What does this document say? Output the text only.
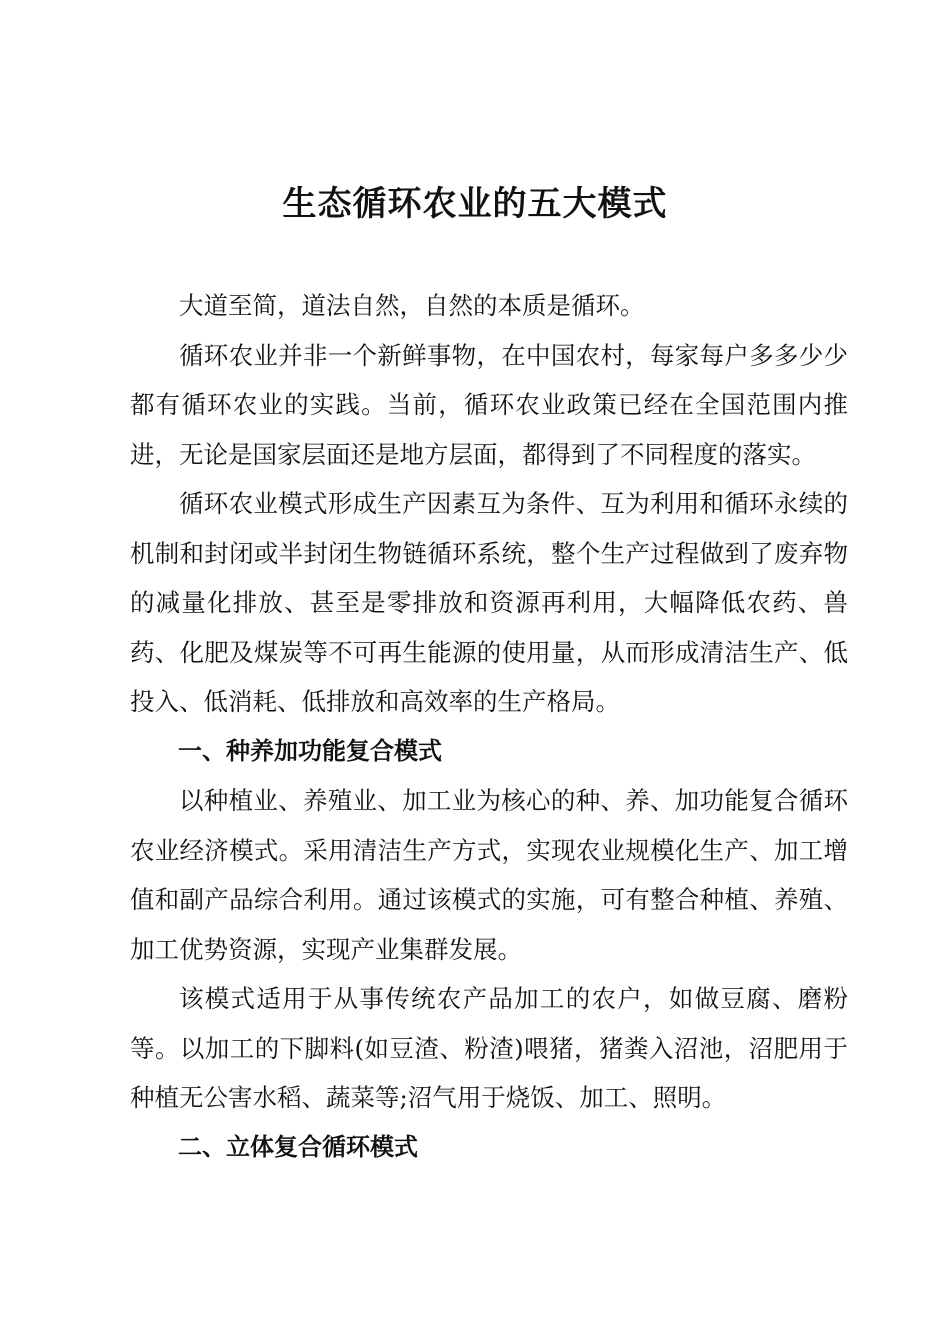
生态循环农业的五大模式

大道至简，道法自然，自然的本质是循环。

循环农业并非一个新鲜事物，在中国农村，每家每户多多少少都有循环农业的实践。当前，循环农业政策已经在全国范围内推进，无论是国家层面还是地方层面，都得到了不同程度的落实。

循环农业模式形成生产因素互为条件、互为利用和循环永续的机制和封闭或半封闭生物链循环系统，整个生产过程做到了废弃物的减量化排放、甚至是零排放和资源再利用，大幅降低农药、兽药、化肥及煤炭等不可再生能源的使用量，从而形成清洁生产、低投入、低消耗、低排放和高效率的生产格局。

一、种养加功能复合模式

以种植业、养殖业、加工业为核心的种、养、加功能复合循环农业经济模式。采用清洁生产方式，实现农业规模化生产、加工增值和副产品综合利用。通过该模式的实施，可有整合种植、养殖、加工优势资源，实现产业集群发展。

该模式适用于从事传统农产品加工的农户，如做豆腐、磨粉等。以加工的下脚料(如豆渣、粉渣)喂猪，猪粪入沼池，沼肥用于种植无公害水稻、蔬菜等;沼气用于烧饭、加工、照明。

二、立体复合循环模式
